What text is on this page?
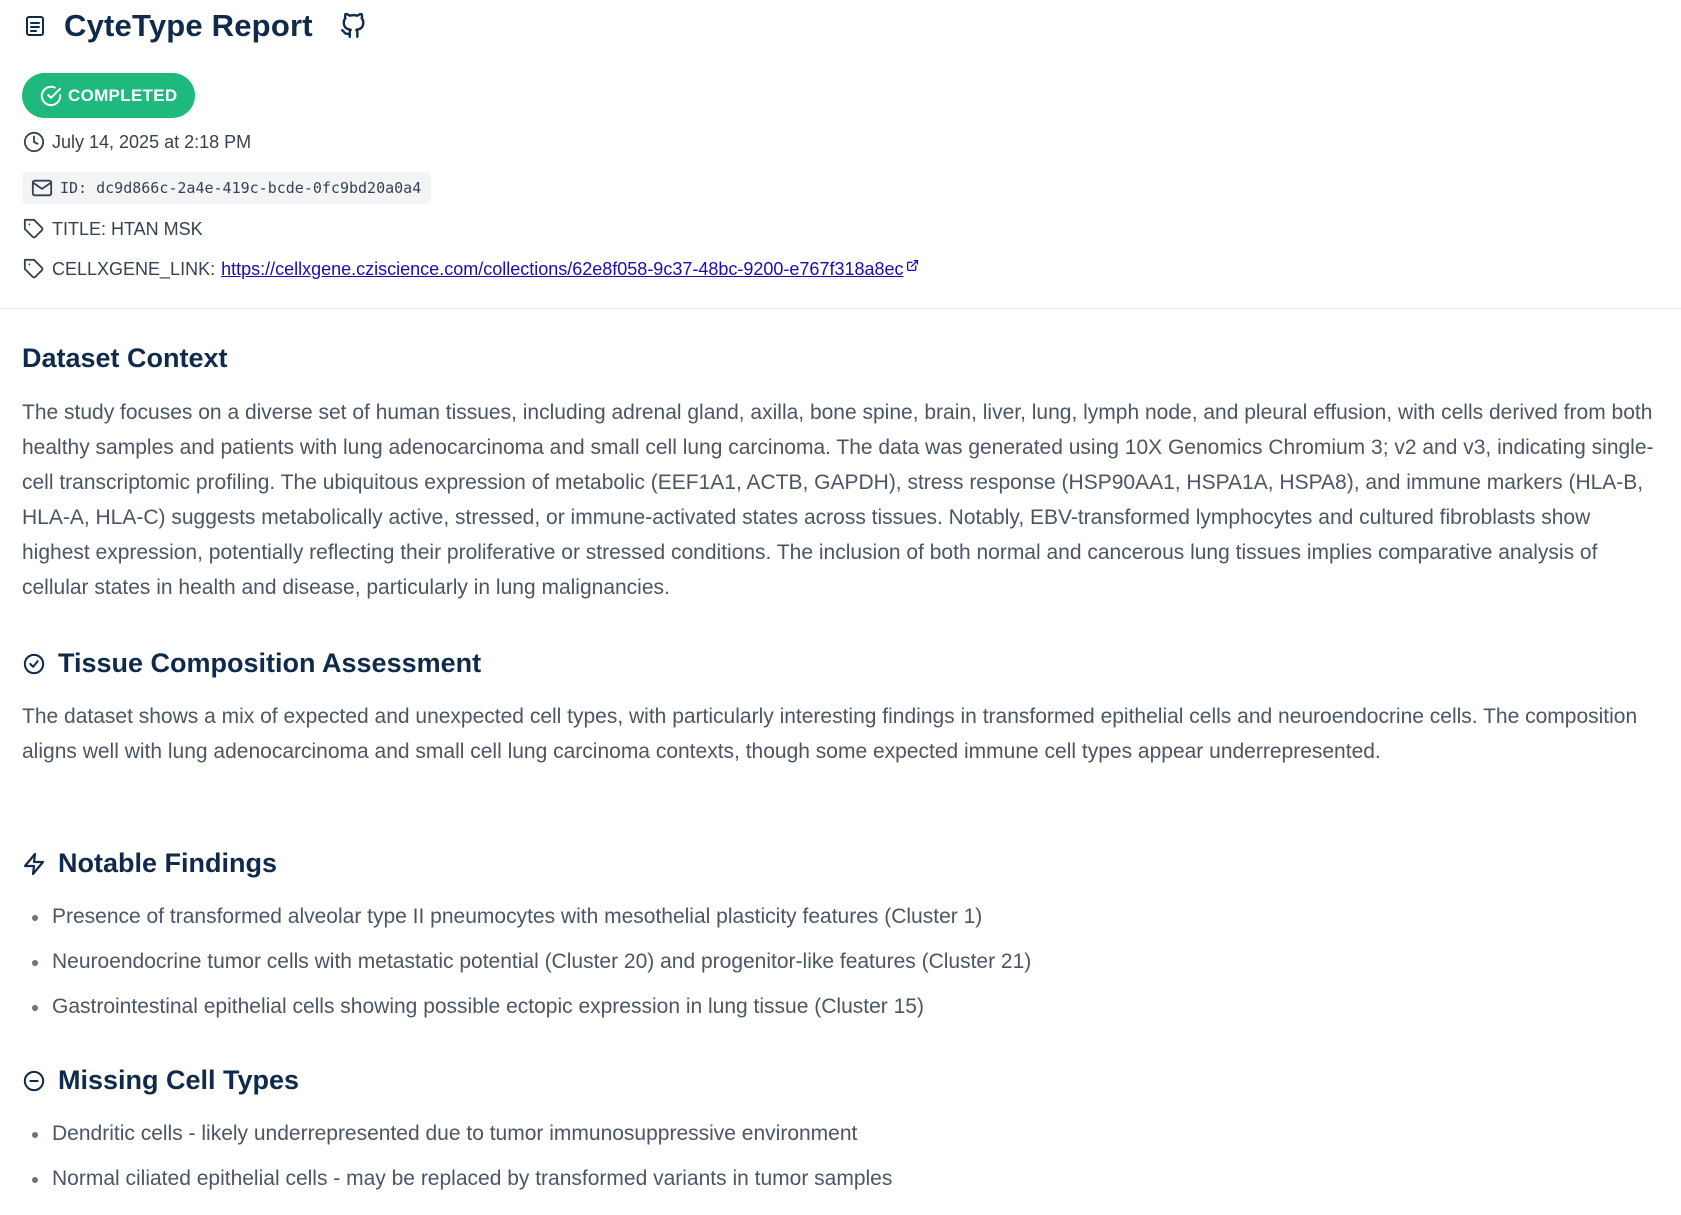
CyteType Report
COMPLETED
July 14, 2025 at 2:18 PM
ID: dc9d866c-2a4e-419c-bcde-0fc9bd20a0a4
TITLE: HTAN MSK
CELLXGENE_LINK: https://cellxgene.cziscience.com/collections/62e8f058-9c37-48bc-9200-e767f318a8ec
Dataset Context

The study focuses on a diverse set of human tissues, including adrenal gland, axilla, bone spine, brain, liver, lung, lymph node, and pleural effusion, with cells derived from both healthy samples and patients with lung adenocarcinoma and small cell lung carcinoma. The data was generated using 10X Genomics Chromium 3; v2 and v3, indicating single-cell transcriptomic profiling. The ubiquitous expression of metabolic (EEF1A1, ACTB, GAPDH), stress response (HSP90AA1, HSPA1A, HSPA8), and immune markers (HLA-B, HLA-A, HLA-C) suggests metabolically active, stressed, or immune-activated states across tissues. Notably, EBV-transformed lymphocytes and cultured fibroblasts show highest expression, potentially reflecting their proliferative or stressed conditions. The inclusion of both normal and cancerous lung tissues implies comparative analysis of cellular states in health and disease, particularly in lung malignancies.

Tissue Composition Assessment

The dataset shows a mix of expected and unexpected cell types, with particularly interesting findings in transformed epithelial cells and neuroendocrine cells. The composition aligns well with lung adenocarcinoma and small cell lung carcinoma contexts, though some expected immune cell types appear underrepresented.

Notable Findings
Presence of transformed alveolar type II pneumocytes with mesothelial plasticity features (Cluster 1)
Neuroendocrine tumor cells with metastatic potential (Cluster 20) and progenitor-like features (Cluster 21)
Gastrointestinal epithelial cells showing possible ectopic expression in lung tissue (Cluster 15)
Missing Cell Types
Dendritic cells - likely underrepresented due to tumor immunosuppressive environment
Normal ciliated epithelial cells - may be replaced by transformed variants in tumor samples
